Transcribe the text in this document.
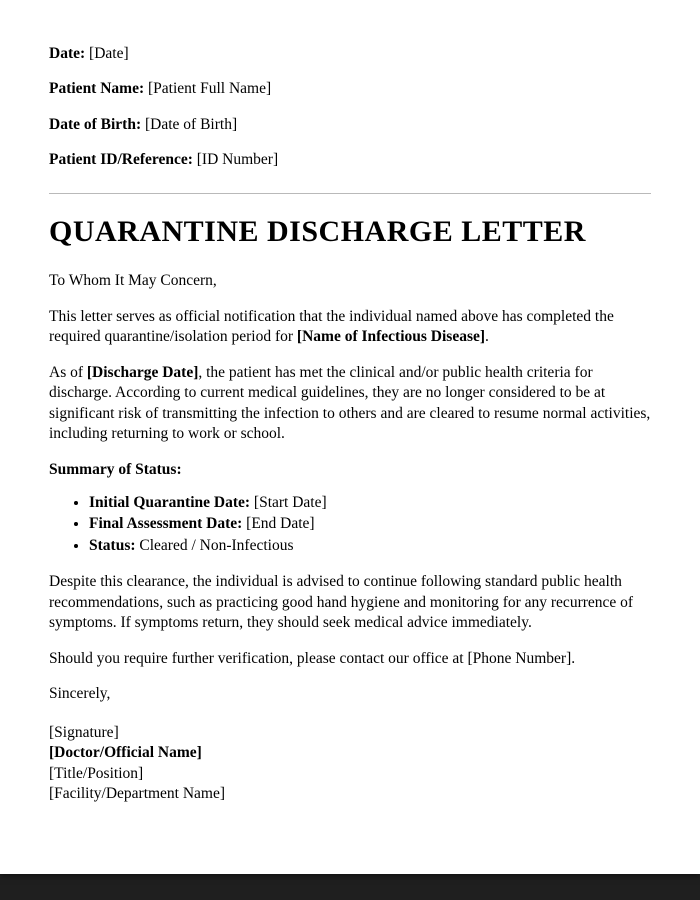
Date: [Date]

Patient Name: [Patient Full Name]

Date of Birth: [Date of Birth]

Patient ID/Reference: [ID Number]

QUARANTINE DISCHARGE LETTER

To Whom It May Concern,

This letter serves as official notification that the individual named above has completed the required quarantine/isolation period for [Name of Infectious Disease].

As of [Discharge Date], the patient has met the clinical and/or public health criteria for discharge. According to current medical guidelines, they are no longer considered to be at significant risk of transmitting the infection to others and are cleared to resume normal activities, including returning to work or school.

Summary of Status:

• Initial Quarantine Date: [Start Date]
• Final Assessment Date: [End Date]
• Status: Cleared / Non-Infectious

Despite this clearance, the individual is advised to continue following standard public health recommendations, such as practicing good hand hygiene and monitoring for any recurrence of symptoms. If symptoms return, they should seek medical advice immediately.

Should you require further verification, please contact our office at [Phone Number].

Sincerely,

[Signature]
[Doctor/Official Name]
[Title/Position]
[Facility/Department Name]
